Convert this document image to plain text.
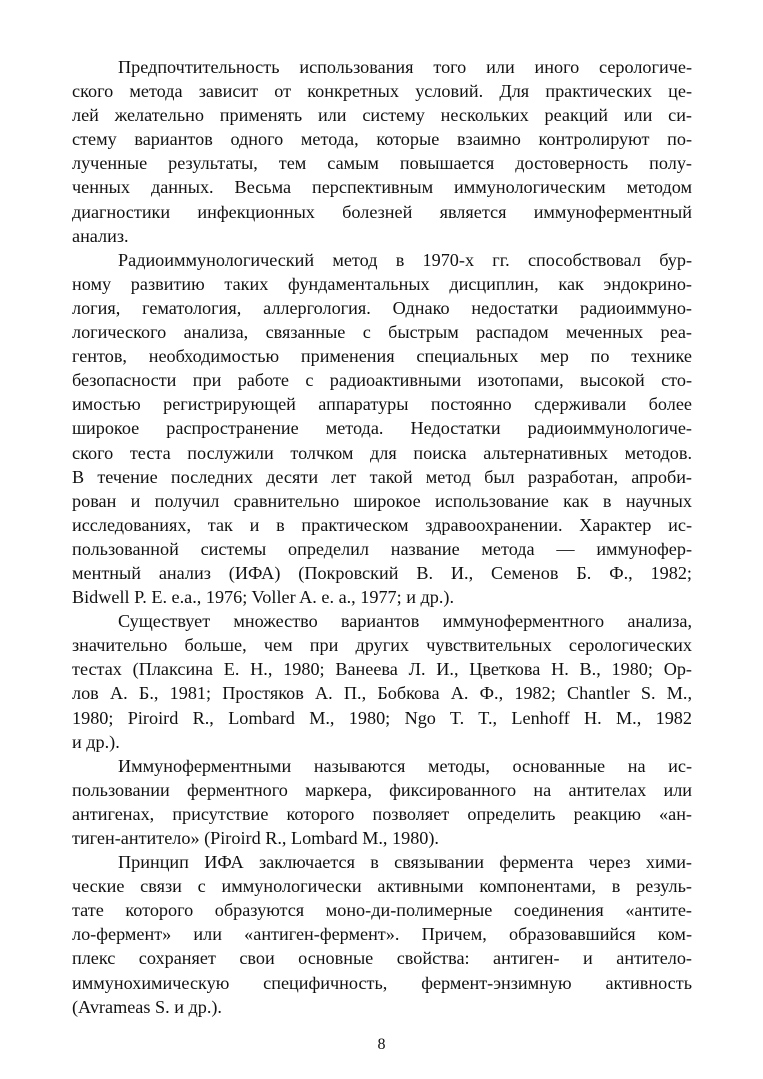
Предпочтительность использования того или иного серологиче-
ского метода зависит от конкретных условий. Для практических це-
лей желательно применять или систему нескольких реакций или си-
стему вариантов одного метода, которые взаимно контролируют по-
лученные результаты, тем самым повышается достоверность полу-
ченных данных. Весьма перспективным иммунологическим методом
диагностики инфекционных болезней является иммуноферментный
анализ.
Радиоиммунологический метод в 1970-х гг. способствовал бур-
ному развитию таких фундаментальных дисциплин, как эндокрино-
логия, гематология, аллергология. Однако недостатки радиоиммуно-
логического анализа, связанные с быстрым распадом меченных реа-
гентов, необходимостью применения специальных мер по технике
безопасности при работе с радиоактивными изотопами, высокой сто-
имостью регистрирующей аппаратуры постоянно сдерживали более
широкое распространение метода. Недостатки радиоиммунологиче-
ского теста послужили толчком для поиска альтернативных методов.
В течение последних десяти лет такой метод был разработан, апроби-
рован и получил сравнительно широкое использование как в научных
исследованиях, так и в практическом здравоохранении. Характер ис-
пользованной системы определил название метода — иммунофер-
ментный анализ (ИФА) (Покровский В. И., Семенов Б. Ф., 1982;
Bidwell P. E. e.a., 1976; Voller A. e. a., 1977; и др.).
Существует множество вариантов иммуноферментного анализа,
значительно больше, чем при других чувствительных серологических
тестах (Плаксина Е. Н., 1980; Ванеева Л. И., Цветкова Н. В., 1980; Ор-
лов А. Б., 1981; Простяков А. П., Бобкова А. Ф., 1982; Chantler S. M.,
1980; Piroird R., Lombard M., 1980; Ngo T. T., Lenhoff H. M., 1982
и др.).
Иммуноферментными называются методы, основанные на ис-
пользовании ферментного маркера, фиксированного на антителах или
антигенах, присутствие которого позволяет определить реакцию «ан-
тиген-антитело» (Piroird R., Lombard M., 1980).
Принцип ИФА заключается в связывании фермента через хими-
ческие связи с иммунологически активными компонентами, в резуль-
тате которого образуются моно-ди-полимерные соединения «антите-
ло-фермент» или «антиген-фермент». Причем, образовавшийся ком-
плекс сохраняет свои основные свойства: антиген- и антитело-
иммунохимическую специфичность, фермент-энзимную активность
(Avrameas S. и др.).
8
